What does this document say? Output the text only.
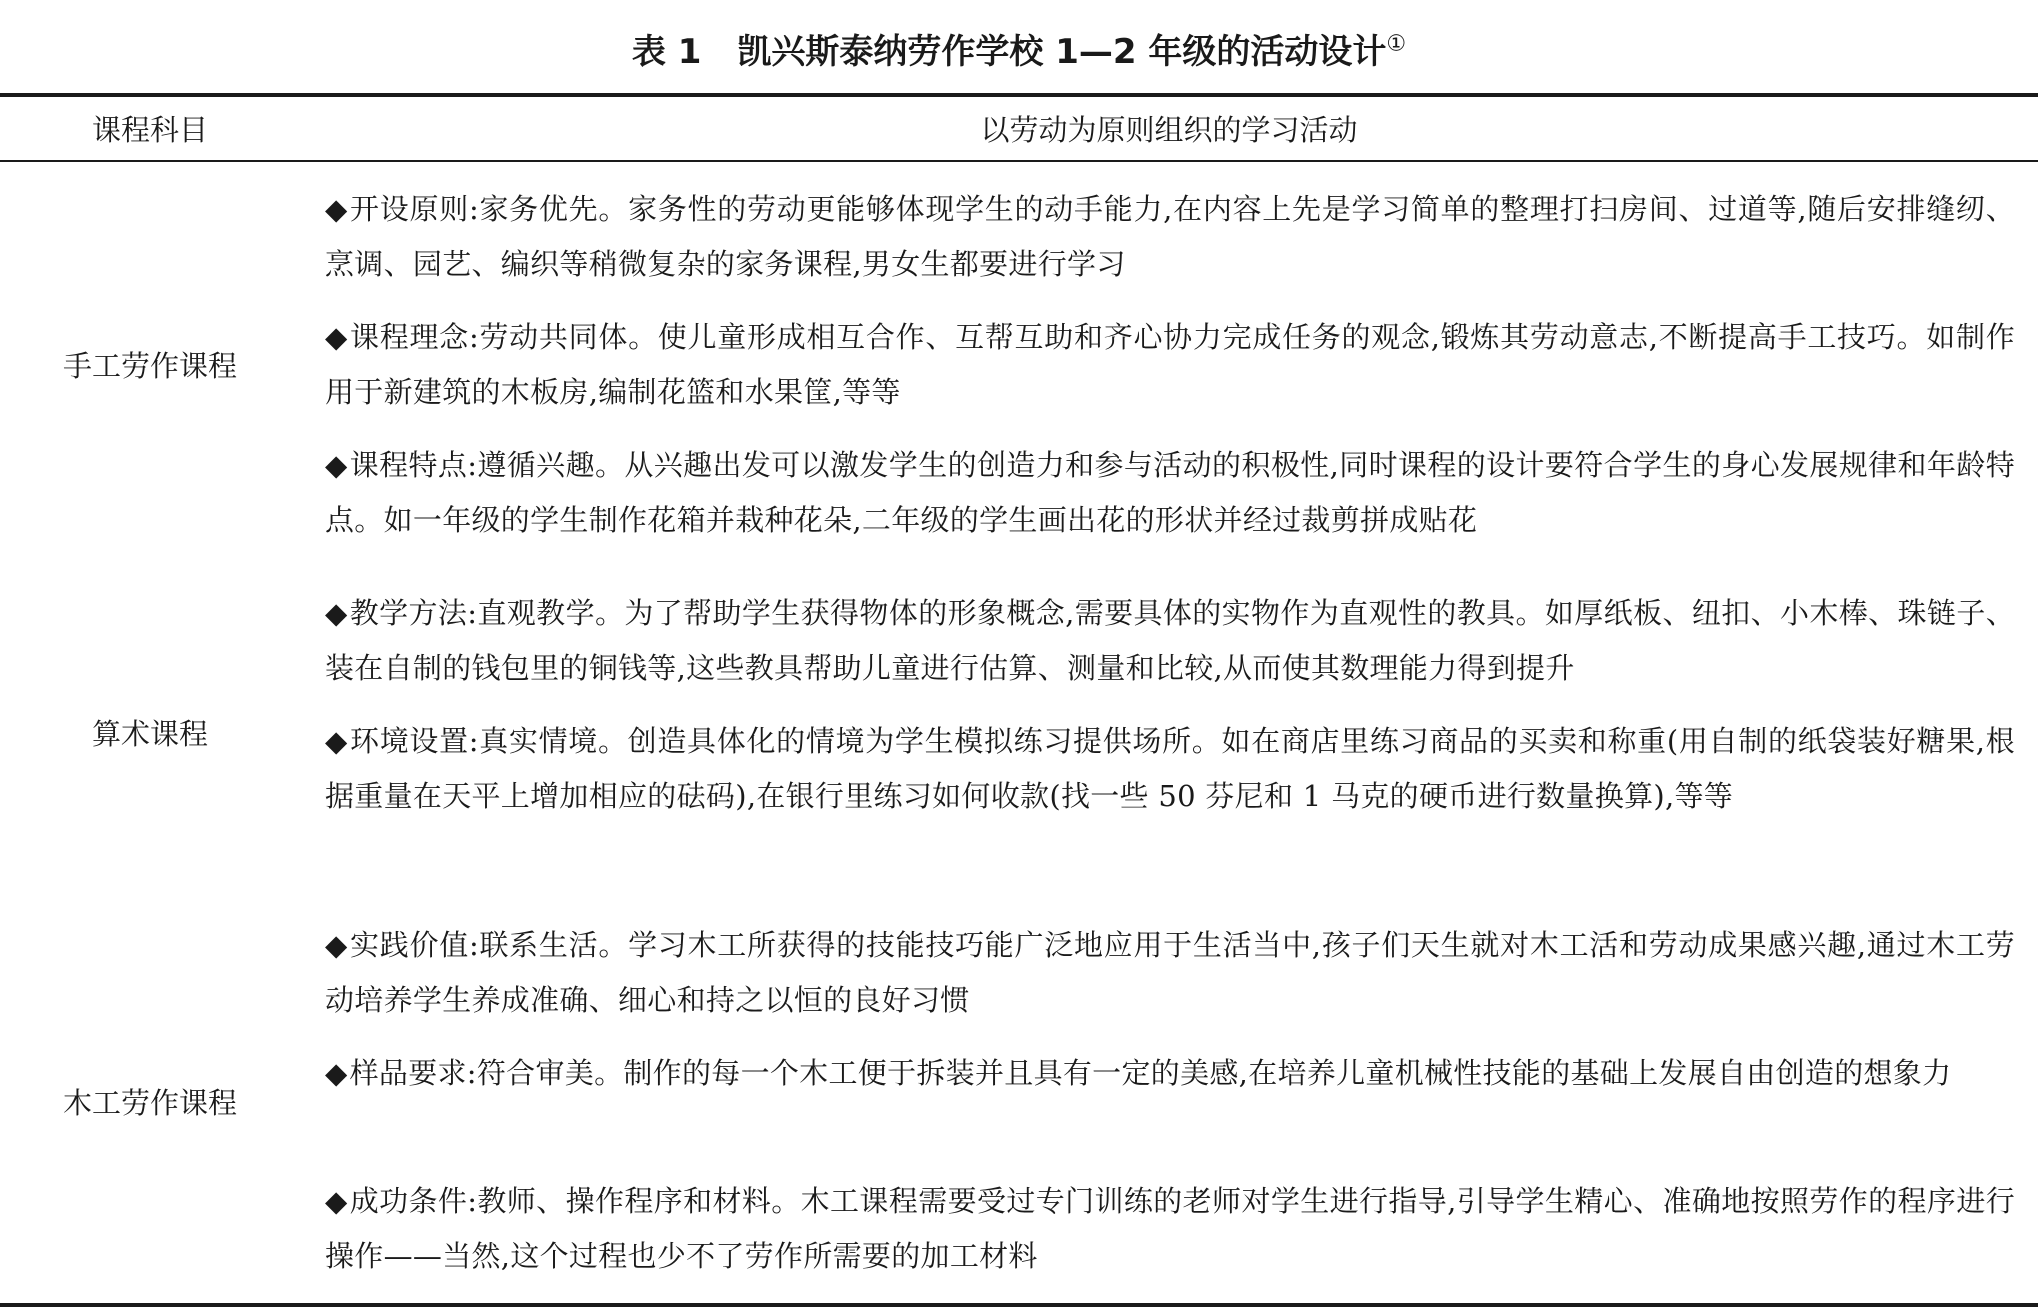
表 1 凯兴斯泰纳劳作学校 1—2 年级的活动设计①
课程科目	以劳动为原则组织的学习活动
手工劳作课程
◆开设原则:家务优先。家务性的劳动更能够体现学生的动手能力,在内容上先是学习简单的整理打扫房间、过道等,随后安排缝纫、烹调、园艺、编织等稍微复杂的家务课程,男女生都要进行学习
◆课程理念:劳动共同体。使儿童形成相互合作、互帮互助和齐心协力完成任务的观念,锻炼其劳动意志,不断提高手工技巧。如制作用于新建筑的木板房,编制花篮和水果筐,等等
◆课程特点:遵循兴趣。从兴趣出发可以激发学生的创造力和参与活动的积极性,同时课程的设计要符合学生的身心发展规律和年龄特点。如一年级的学生制作花箱并栽种花朵,二年级的学生画出花的形状并经过裁剪拼成贴花
算术课程
◆教学方法:直观教学。为了帮助学生获得物体的形象概念,需要具体的实物作为直观性的教具。如厚纸板、纽扣、小木棒、珠链子、装在自制的钱包里的铜钱等,这些教具帮助儿童进行估算、测量和比较,从而使其数理能力得到提升
◆环境设置:真实情境。创造具体化的情境为学生模拟练习提供场所。如在商店里练习商品的买卖和称重(用自制的纸袋装好糖果,根据重量在天平上增加相应的砝码),在银行里练习如何收款(找一些 50 芬尼和 1 马克的硬币进行数量换算),等等
木工劳作课程
◆实践价值:联系生活。学习木工所获得的技能技巧能广泛地应用于生活当中,孩子们天生就对木工活和劳动成果感兴趣,通过木工劳动培养学生养成准确、细心和持之以恒的良好习惯
◆样品要求:符合审美。制作的每一个木工便于拆装并且具有一定的美感,在培养儿童机械性技能的基础上发展自由创造的想象力
◆成功条件:教师、操作程序和材料。木工课程需要受过专门训练的老师对学生进行指导,引导学生精心、准确地按照劳作的程序进行操作——当然,这个过程也少不了劳作所需要的加工材料
